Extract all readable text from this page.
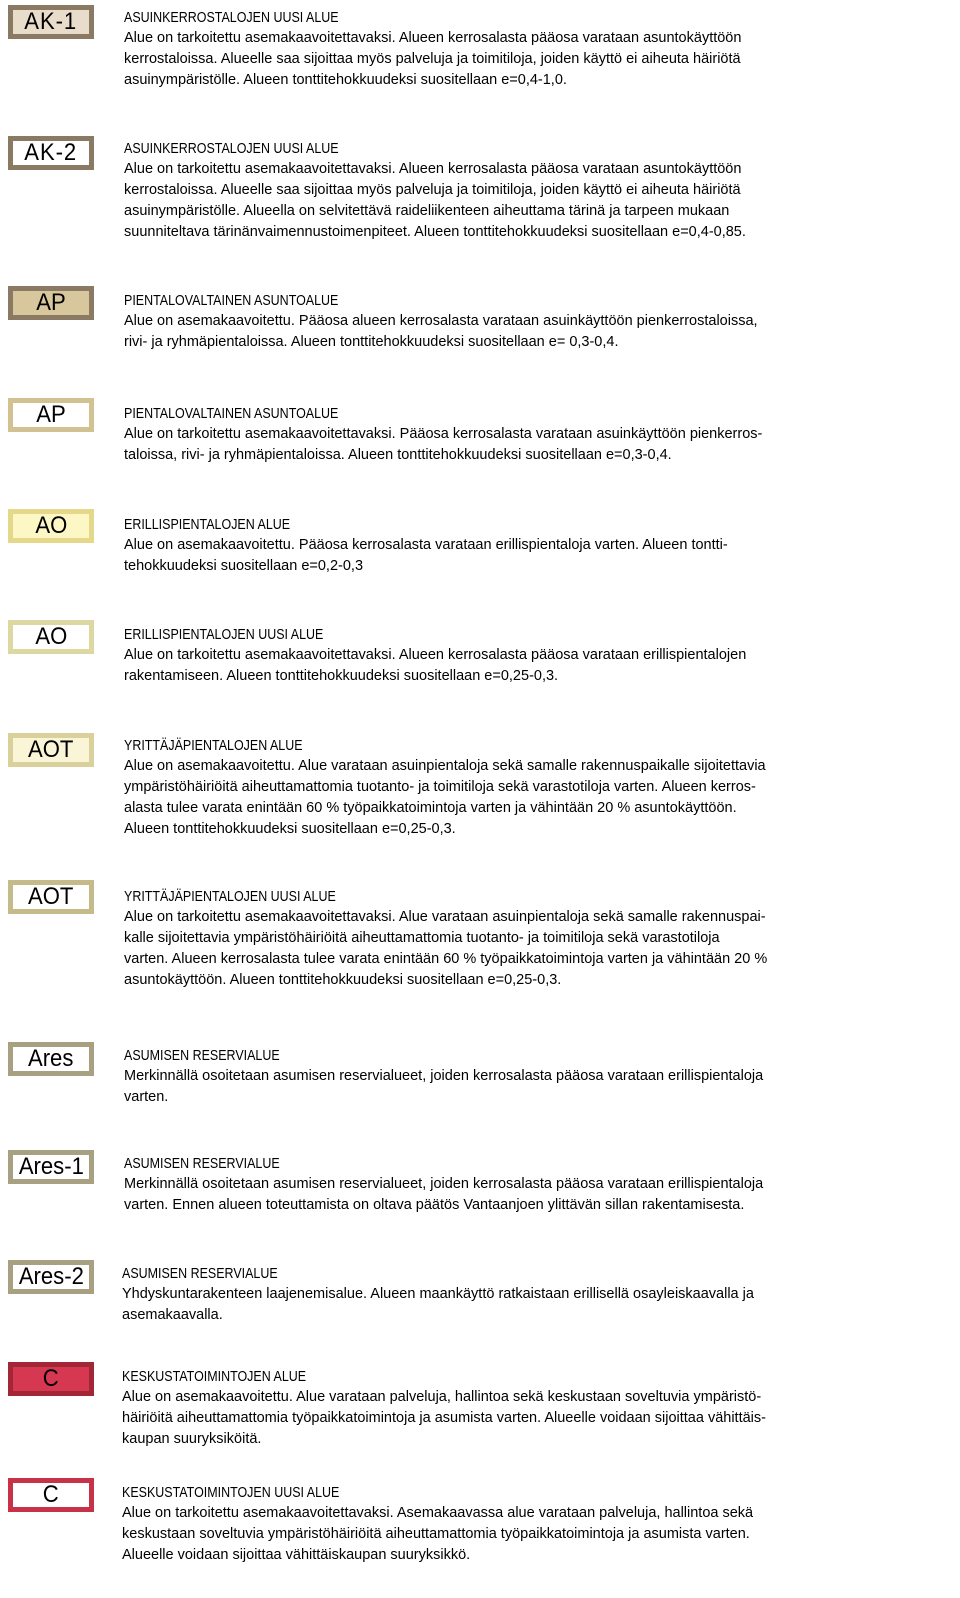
AK-1	ASUINKERROSTALOJEN UUSI ALUE
Alue on tarkoitettu asemakaavoitettavaksi. Alueen kerrosalasta pääosa varataan asuntokäyttöön
kerrostaloissa. Alueelle saa sijoittaa myös palveluja ja toimitiloja, joiden käyttö ei aiheuta häiriötä
asuinympäristölle. Alueen tonttitehokkuudeksi suositellaan e=0,4-1,0.
AK-2	ASUINKERROSTALOJEN UUSI ALUE
Alue on tarkoitettu asemakaavoitettavaksi. Alueen kerrosalasta pääosa varataan asuntokäyttöön
kerrostaloissa. Alueelle saa sijoittaa myös palveluja ja toimitiloja, joiden käyttö ei aiheuta häiriötä
asuinympäristölle. Alueella on selvitettävä raideliikenteen aiheuttama tärinä ja tarpeen mukaan
suunniteltava tärinänvaimennustoimenpiteet. Alueen tonttitehokkuudeksi suositellaan e=0,4-0,85.
AP	PIENTALOVALTAINEN ASUNTOALUE
Alue on asemakaavoitettu. Pääosa alueen kerrosalasta varataan asuinkäyttöön pienkerrostaloissa,
rivi- ja ryhmäpientaloissa. Alueen tonttitehokkuudeksi suositellaan e= 0,3-0,4.
AP	PIENTALOVALTAINEN ASUNTOALUE
Alue on tarkoitettu asemakaavoitettavaksi. Pääosa kerrosalasta varataan asuinkäyttöön pienkerros-
taloissa, rivi- ja ryhmäpientaloissa. Alueen tonttitehokkuudeksi suositellaan e=0,3-0,4.
AO	ERILLISPIENTALOJEN ALUE
Alue on asemakaavoitettu. Pääosa kerrosalasta varataan erillispientaloja varten. Alueen tontti-
tehokkuudeksi suositellaan e=0,2-0,3
AO	ERILLISPIENTALOJEN UUSI ALUE
Alue on tarkoitettu asemakaavoitettavaksi. Alueen kerrosalasta pääosa varataan erillispientalojen
rakentamiseen. Alueen tonttitehokkuudeksi suositellaan e=0,25-0,3.
AOT	YRITTÄJÄPIENTALOJEN ALUE
Alue on asemakaavoitettu. Alue varataan asuinpientaloja sekä samalle rakennuspaikalle sijoitettavia
ympäristöhäiriöitä aiheuttamattomia tuotanto- ja toimitiloja sekä varastotiloja varten. Alueen kerros-
alasta tulee varata enintään 60 % työpaikkatoimintoja varten ja vähintään 20 % asuntokäyttöön.
Alueen tonttitehokkuudeksi suositellaan e=0,25-0,3.
AOT	YRITTÄJÄPIENTALOJEN UUSI ALUE
Alue on tarkoitettu asemakaavoitettavaksi. Alue varataan asuinpientaloja sekä samalle rakennuspai-
kalle sijoitettavia ympäristöhäiriöitä aiheuttamattomia tuotanto- ja toimitiloja sekä varastotiloja
varten. Alueen kerrosalasta tulee varata enintään 60 % työpaikkatoimintoja varten ja vähintään 20 %
asuntokäyttöön. Alueen tonttitehokkuudeksi suositellaan e=0,25-0,3.
Ares	ASUMISEN RESERVIALUE
Merkinnällä osoitetaan asumisen reservialueet, joiden kerrosalasta pääosa varataan erillispientaloja
varten.
Ares-1	ASUMISEN RESERVIALUE
Merkinnällä osoitetaan asumisen reservialueet, joiden kerrosalasta pääosa varataan erillispientaloja
varten. Ennen alueen toteuttamista on oltava päätös Vantaanjoen ylittävän sillan rakentamisesta.
Ares-2	ASUMISEN RESERVIALUE
Yhdyskuntarakenteen laajenemisalue. Alueen maankäyttö ratkaistaan erillisellä osayleiskaavalla ja
asemakaavalla.
C	KESKUSTATOIMINTOJEN ALUE
Alue on asemakaavoitettu. Alue varataan palveluja, hallintoa sekä keskustaan soveltuvia ympäristö-
häiriöitä aiheuttamattomia työpaikkatoimintoja ja asumista varten. Alueelle voidaan sijoittaa vähittäis-
kaupan suuryksiköitä.
C	KESKUSTATOIMINTOJEN UUSI ALUE
Alue on tarkoitettu asemakaavoitettavaksi. Asemakaavassa alue varataan palveluja, hallintoa sekä
keskustaan soveltuvia ympäristöhäiriöitä aiheuttamattomia työpaikkatoimintoja ja asumista varten.
Alueelle voidaan sijoittaa vähittäiskaupan suuryksikkö.
